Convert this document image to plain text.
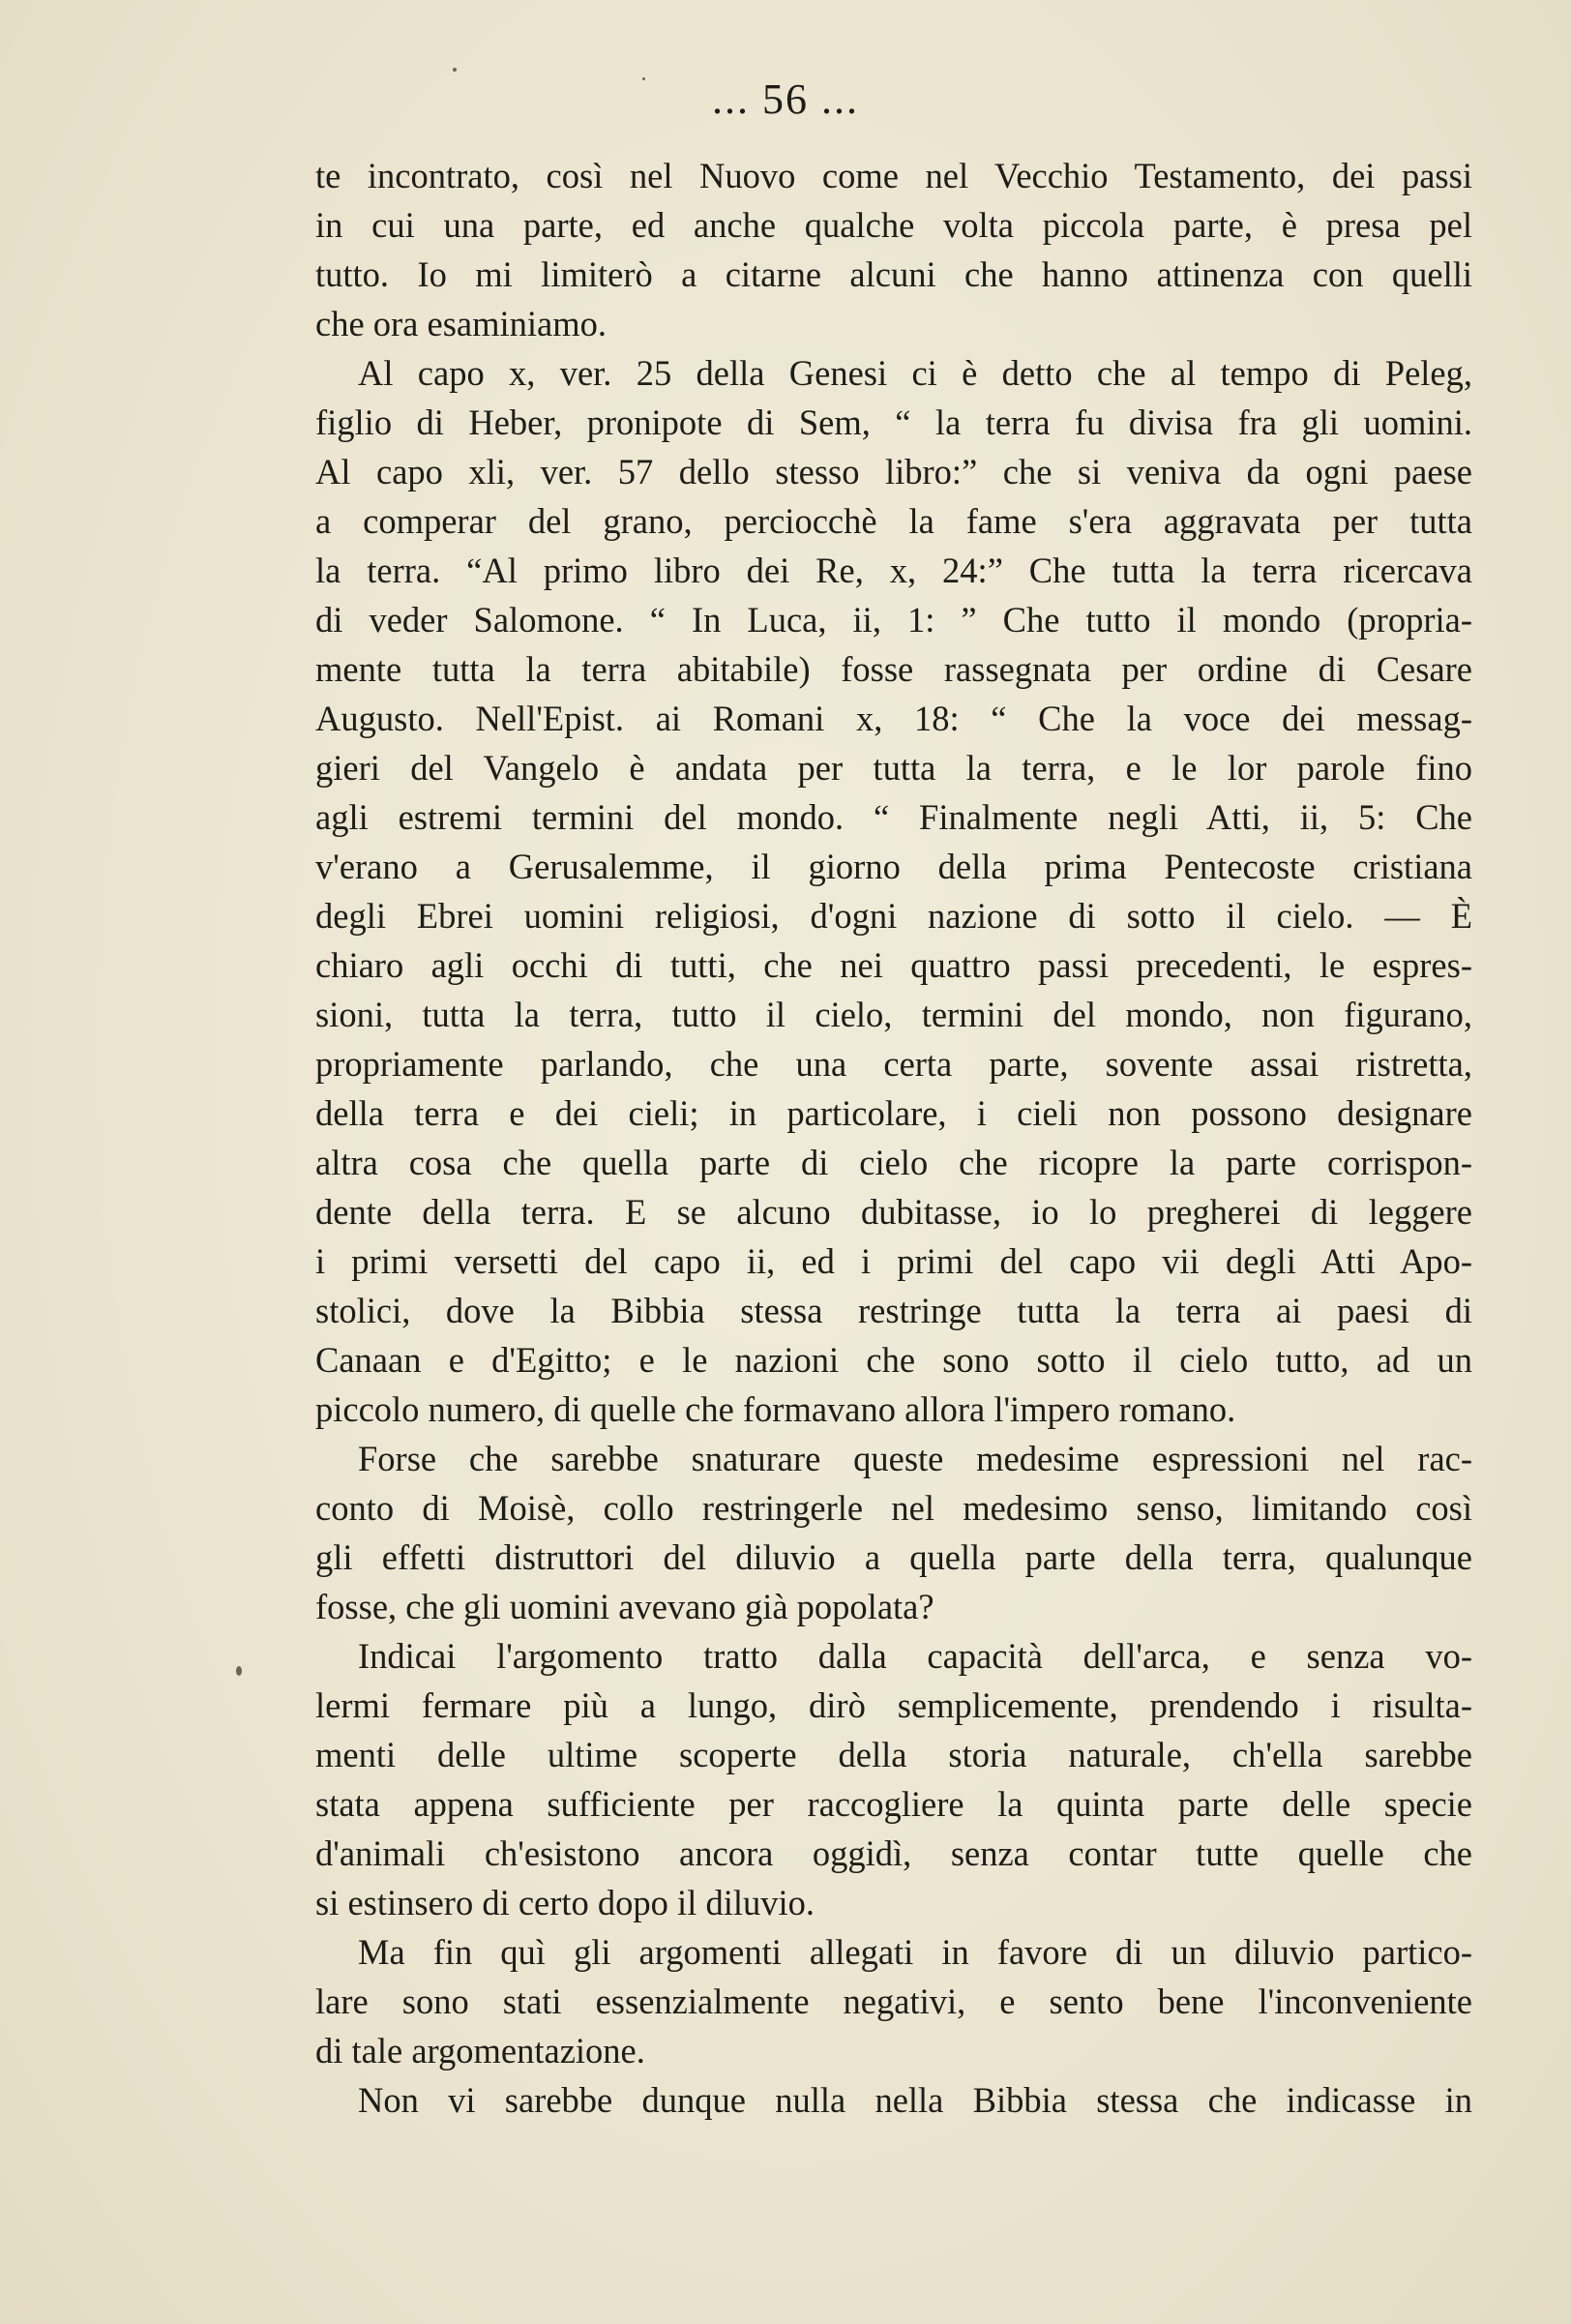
... 56 ...
te incontrato, così nel Nuovo come nel Vecchio Testamento, dei passi
in cui una parte, ed anche qualche volta piccola parte, è presa pel
tutto. Io mi limiterò a citarne alcuni che hanno attinenza con quelli
che ora esaminiamo.
Al capo x, ver. 25 della Genesi ci è detto che al tempo di Peleg,
figlio di Heber, pronipote di Sem, “ la terra fu divisa fra gli uomini.
Al capo xli, ver. 57 dello stesso libro:” che si veniva da ogni paese
a comperar del grano, perciocchè la fame s'era aggravata per tutta
la terra. “Al primo libro dei Re, x, 24:” Che tutta la terra ricercava
di veder Salomone. “ In Luca, ii, 1: ” Che tutto il mondo (propria-
mente tutta la terra abitabile) fosse rassegnata per ordine di Cesare
Augusto. Nell'Epist. ai Romani x, 18: “ Che la voce dei messag-
gieri del Vangelo è andata per tutta la terra, e le lor parole fino
agli estremi termini del mondo. “ Finalmente negli Atti, ii, 5: Che
v'erano a Gerusalemme, il giorno della prima Pentecoste cristiana
degli Ebrei uomini religiosi, d'ogni nazione di sotto il cielo. — È
chiaro agli occhi di tutti, che nei quattro passi precedenti, le espres-
sioni, tutta la terra, tutto il cielo, termini del mondo, non figurano,
propriamente parlando, che una certa parte, sovente assai ristretta,
della terra e dei cieli; in particolare, i cieli non possono designare
altra cosa che quella parte di cielo che ricopre la parte corrispon-
dente della terra. E se alcuno dubitasse, io lo pregherei di leggere
i primi versetti del capo ii, ed i primi del capo vii degli Atti Apo-
stolici, dove la Bibbia stessa restringe tutta la terra ai paesi di
Canaan e d'Egitto; e le nazioni che sono sotto il cielo tutto, ad un
piccolo numero, di quelle che formavano allora l'impero romano.
Forse che sarebbe snaturare queste medesime espressioni nel rac-
conto di Moisè, collo restringerle nel medesimo senso, limitando così
gli effetti distruttori del diluvio a quella parte della terra, qualunque
fosse, che gli uomini avevano già popolata?
Indicai l'argomento tratto dalla capacità dell'arca, e senza vo-
lermi fermare più a lungo, dirò semplicemente, prendendo i risulta-
menti delle ultime scoperte della storia naturale, ch'ella sarebbe
stata appena sufficiente per raccogliere la quinta parte delle specie
d'animali ch'esistono ancora oggidì, senza contar tutte quelle che
si estinsero di certo dopo il diluvio.
Ma fin quì gli argomenti allegati in favore di un diluvio partico-
lare sono stati essenzialmente negativi, e sento bene l'inconveniente
di tale argomentazione.
Non vi sarebbe dunque nulla nella Bibbia stessa che indicasse in
